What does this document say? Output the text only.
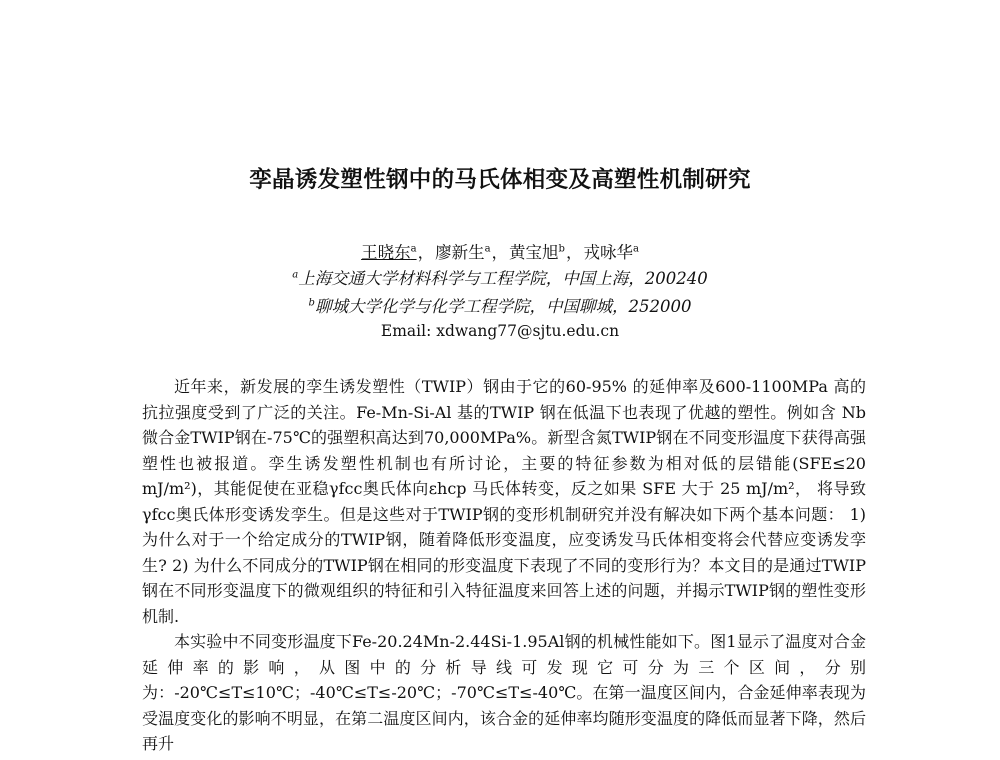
孪晶诱发塑性钢中的马氏体相变及高塑性机制研究
王晓东$^a$，廖新生$^a$，黄宝旭$^b$，戎咏华$^a$
$^a$上海交通大学材料科学与工程学院，中国上海，200240
$^b$聊城大学化学与化学工程学院，中国聊城，252000
Email: xdwang77@sjtu.edu.cn

近年来，新发展的孪生诱发塑性（TWIP）钢由于它的60-95% 的延伸率及600-1100MPa 高的抗拉强度受到了广泛的关注。Fe-Mn-Si-Al 基的TWIP 钢在低温下也表现了优越的塑性。例如含 Nb 微合金TWIP钢在-75℃的强塑积高达到70,000MPa%。新型含氮TWIP钢在不同变形温度下获得高强塑性也被报道。孪生诱发塑性机制也有所讨论，主要的特征参数为相对低的层错能(SFE≤20 mJ/m²)，其能促使在亚稳γfcc奥氏体向εhcp 马氏体转变，反之如果 SFE 大于 25 mJ/m²， 将导致γfcc奥氏体形变诱发孪生。但是这些对于TWIP钢的变形机制研究并没有解决如下两个基本问题： 1) 为什么对于一个给定成分的TWIP钢，随着降低形变温度，应变诱发马氏体相变将会代替应变诱发孪生? 2) 为什么不同成分的TWIP钢在相同的形变温度下表现了不同的变形行为？本文目的是通过TWIP钢在不同形变温度下的微观组织的特征和引入特征温度来回答上述的问题，并揭示TWIP钢的塑性变形机制.

本实验中不同变形温度下Fe-20.24Mn-2.44Si-1.95Al钢的机械性能如下。图1显示了温度对合金延伸率的影响，从图中的分析导线可发现它可分为三个区间，分别为：-20℃≤T≤10℃；-40℃≤T≤-20℃；-70℃≤T≤-40℃。在第一温度区间内，合金延伸率表现为受温度变化的影响不明显，在第二温度区间内，该合金的延伸率均随形变温度的降低而显著下降，然后再升
